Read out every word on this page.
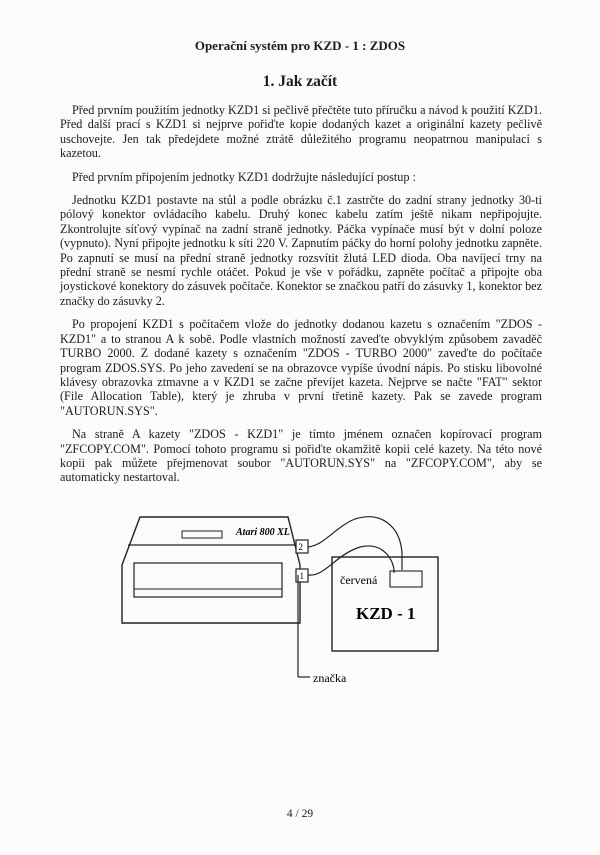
Operační systém pro KZD - 1 : ZDOS
1. Jak začít

Před prvním použitím jednotky KZD1 si pečlivě přečtěte tuto příručku a návod k použití KZD1. Před další prací s KZD1 si nejprve pořiďte kopie dodaných kazet a originální kazety pečlivě uschovejte. Jen tak předejdete možné ztrátě důležitého programu neopatrnou manipulací s kazetou.

Před prvním připojením jednotky KZD1 dodržujte následující postup :

Jednotku KZD1 postavte na stůl a podle obrázku č.1 zastrčte do zadní strany jednotky 30-ti pólový konektor ovládacího kabelu. Druhý konec kabelu zatím ještě nikam nepřipojujte. Zkontrolujte síťový vypínač na zadní straně jednotky. Páčka vypínače musí být v dolní poloze (vypnuto). Nyní připojte jednotku k síti 220 V. Zapnutím páčky do horní polohy jednotku zapněte. Po zapnutí se musí na přední straně jednotky rozsvítit žlutá LED dioda. Oba navíjecí trny na přední straně se nesmí rychle otáčet. Pokud je vše v pořádku, zapněte počítač a připojte oba joystickové konektory do zásuvek počítače. Konektor se značkou patří do zásuvky 1, konektor bez značky do zásuvky 2.

Po propojení KZD1 s počítačem vlože do jednotky dodanou kazetu s označením "ZDOS - KZD1" a to stranou A k sobě. Podle vlastních možností zaveďte obvyklým způsobem zavaděč TURBO 2000. Z dodané kazety s označením "ZDOS - TURBO 2000" zaveďte do počítače program ZDOS.SYS. Po jeho zavedení se na obrazovce vypíše úvodní nápis. Po stisku libovolné klávesy obrazovka ztmavne a v KZD1 se začne převíjet kazeta. Nejprve se načte "FAT" sektor (File Allocation Table), který je zhruba v první třetině kazety. Pak se zavede program "AUTORUN.SYS".

Na straně A kazety "ZDOS - KZD1" je tímto jménem označen kopírovací program "ZFCOPY.COM". Pomocí tohoto programu si pořiďte okamžitě kopii celé kazety. Na této nové kopii pak můžete přejmenovat soubor "AUTORUN.SYS" na "ZFCOPY.COM", aby se automaticky nestartoval.

Atari 800 XL
2
1
značka
červená
KZD - 1
4 / 29
